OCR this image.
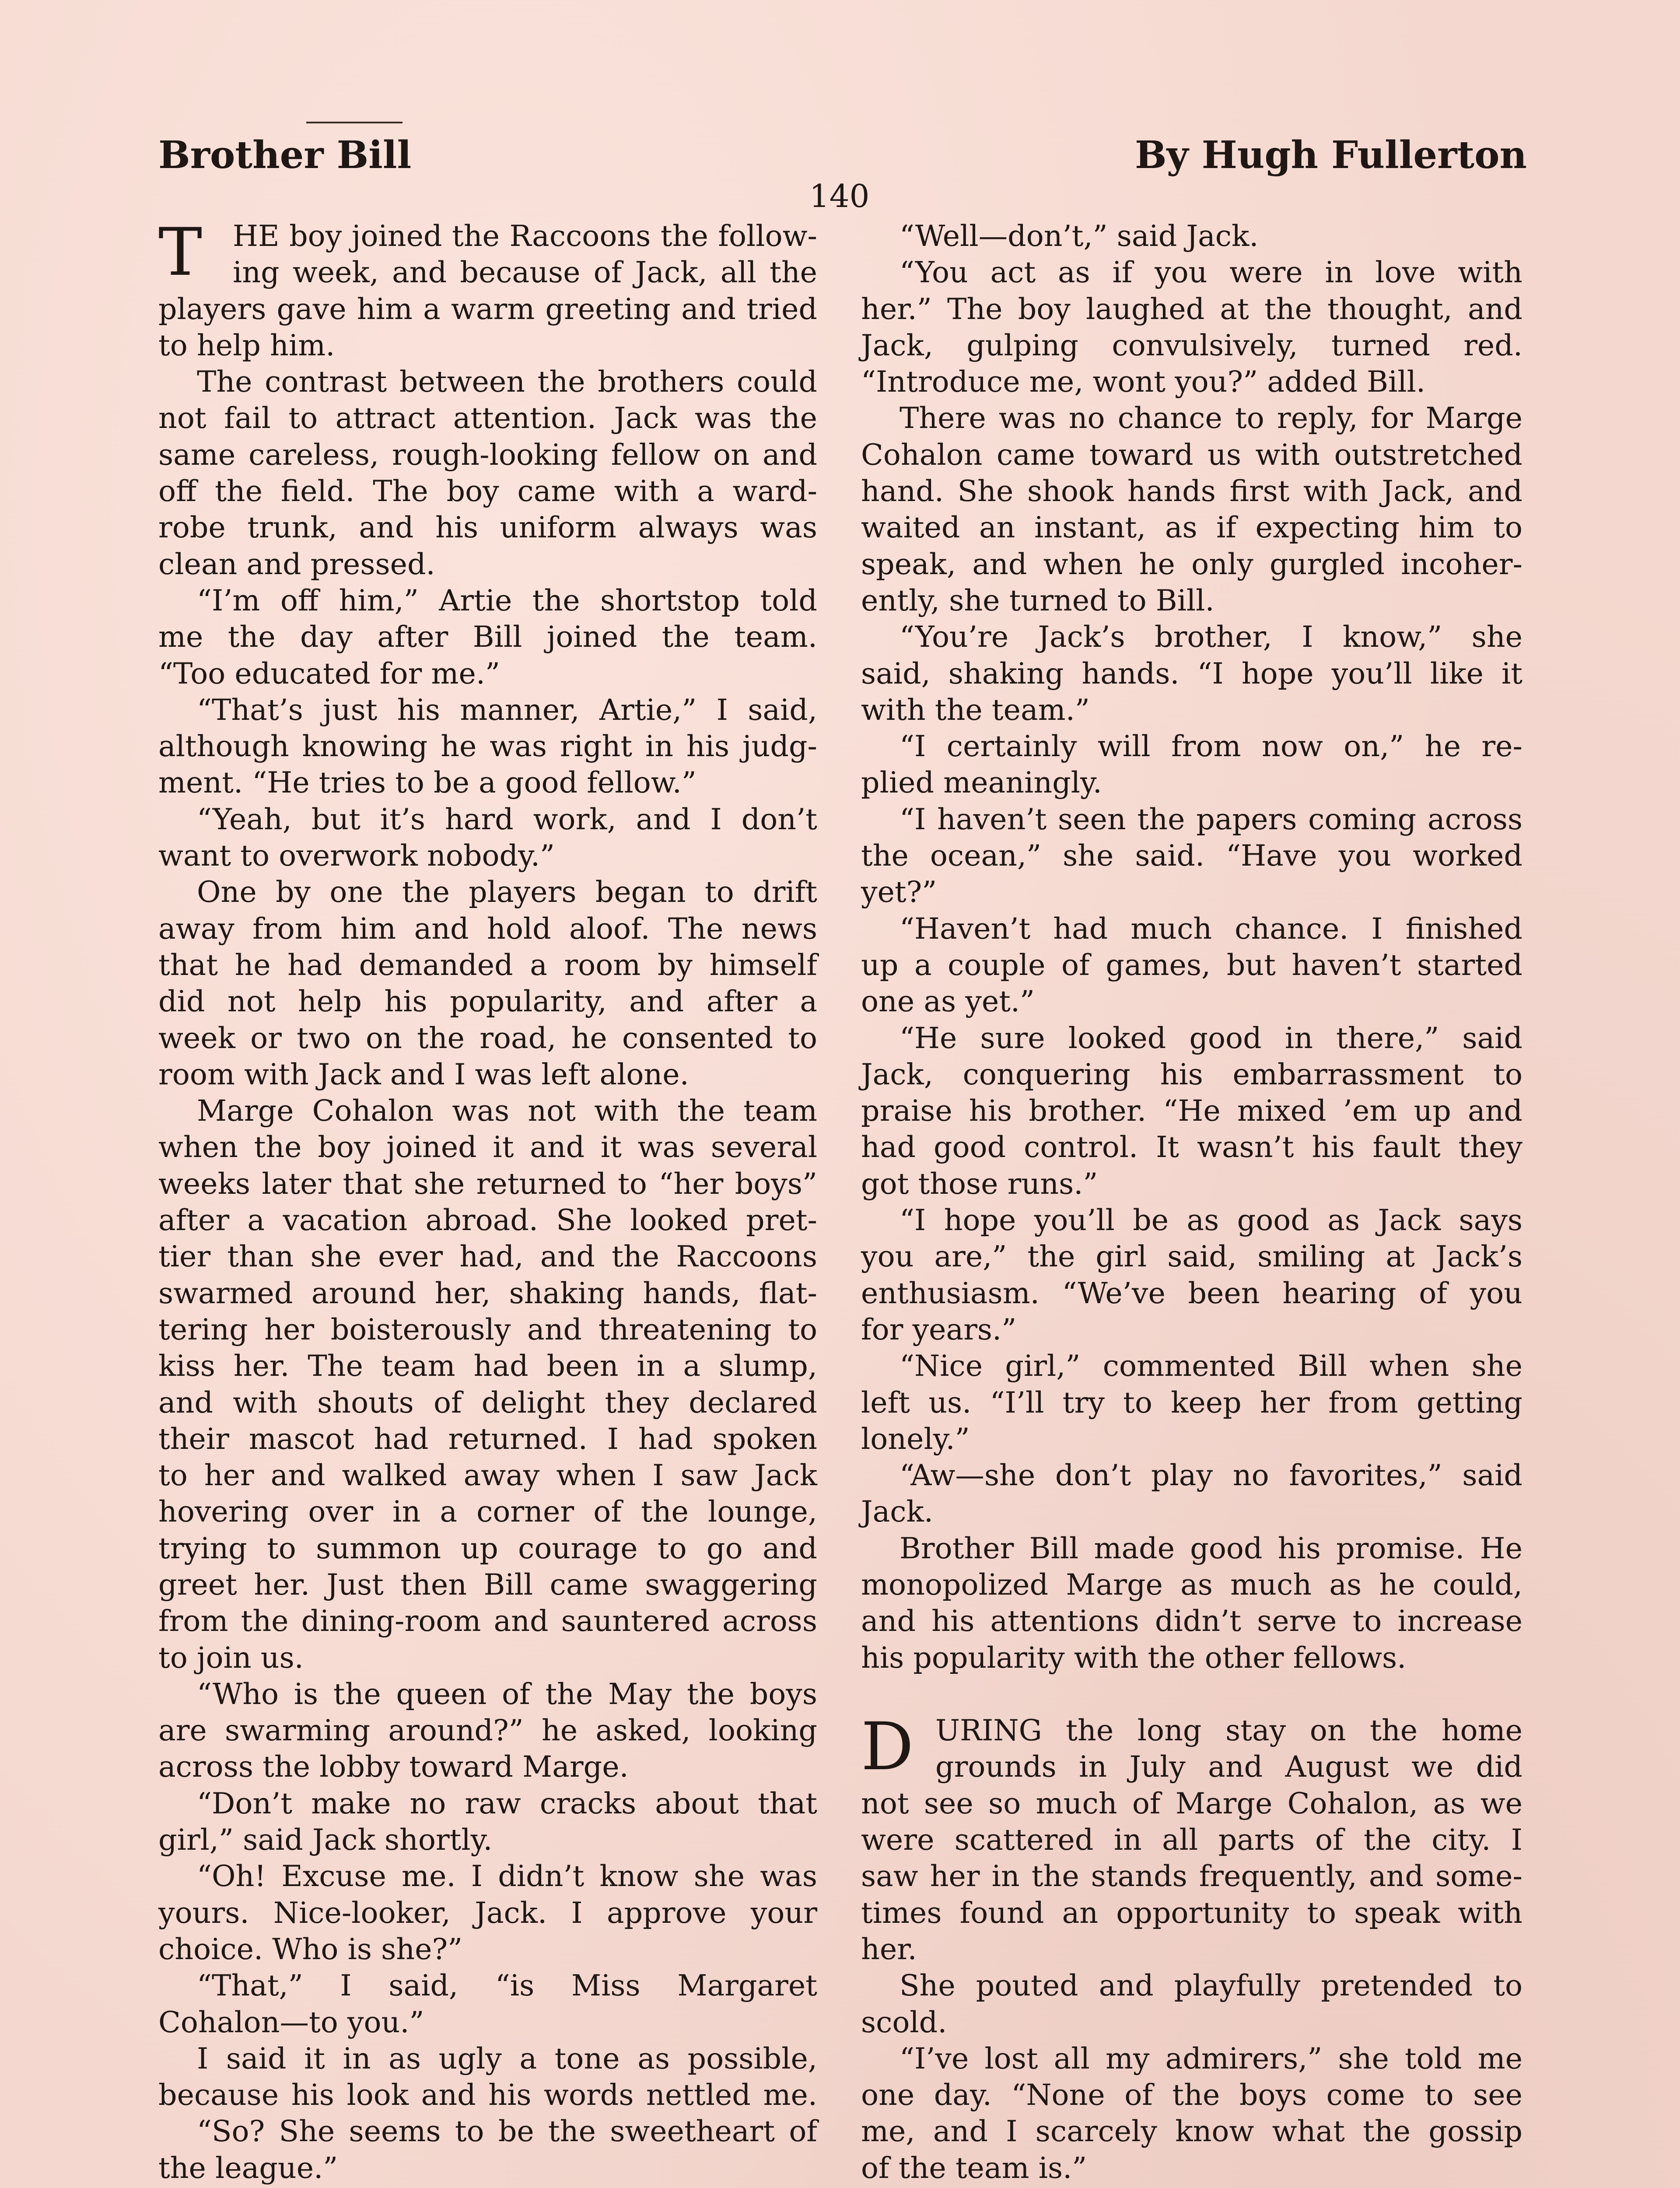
Brother Bill	By Hugh Fullerton
140
T HE boy joined the Raccoons the follow-
ing week, and because of Jack, all the
players gave him a warm greeting and tried
to help him.
The contrast between the brothers could
not fail to attract attention. Jack was the
same careless, rough-looking fellow on and
off the field. The boy came with a ward-
robe trunk, and his uniform always was
clean and pressed.
“I’m off him,” Artie the shortstop told
me the day after Bill joined the team.
“Too educated for me.”
“That’s just his manner, Artie,” I said,
although knowing he was right in his judg-
ment. “He tries to be a good fellow.”
“Yeah, but it’s hard work, and I don’t
want to overwork nobody.”
One by one the players began to drift
away from him and hold aloof. The news
that he had demanded a room by himself
did not help his popularity, and after a
week or two on the road, he consented to
room with Jack and I was left alone.
Marge Cohalon was not with the team
when the boy joined it and it was several
weeks later that she returned to “her boys”
after a vacation abroad. She looked pret-
tier than she ever had, and the Raccoons
swarmed around her, shaking hands, flat-
tering her boisterously and threatening to
kiss her. The team had been in a slump,
and with shouts of delight they declared
their mascot had returned. I had spoken
to her and walked away when I saw Jack
hovering over in a corner of the lounge,
trying to summon up courage to go and
greet her. Just then Bill came swaggering
from the dining-room and sauntered across
to join us.
“Who is the queen of the May the boys
are swarming around?” he asked, looking
across the lobby toward Marge.
“Don’t make no raw cracks about that
girl,” said Jack shortly.
“Oh! Excuse me. I didn’t know she was
yours. Nice-looker, Jack. I approve your
choice. Who is she?”
“That,” I said, “is Miss Margaret
Cohalon—to you.”
I said it in as ugly a tone as possible,
because his look and his words nettled me.
“So? She seems to be the sweetheart of
the league.”
“Well—don’t,” said Jack.
“You act as if you were in love with
her.” The boy laughed at the thought, and
Jack, gulping convulsively, turned red.
“Introduce me, wont you?” added Bill.
There was no chance to reply, for Marge
Cohalon came toward us with outstretched
hand. She shook hands first with Jack, and
waited an instant, as if expecting him to
speak, and when he only gurgled incoher-
ently, she turned to Bill.
“You’re Jack’s brother, I know,” she
said, shaking hands. “I hope you’ll like it
with the team.”
“I certainly will from now on,” he re-
plied meaningly.
“I haven’t seen the papers coming across
the ocean,” she said. “Have you worked
yet?”
“Haven’t had much chance. I finished
up a couple of games, but haven’t started
one as yet.”
“He sure looked good in there,” said
Jack, conquering his embarrassment to
praise his brother. “He mixed ’em up and
had good control. It wasn’t his fault they
got those runs.”
“I hope you’ll be as good as Jack says
you are,” the girl said, smiling at Jack’s
enthusiasm. “We’ve been hearing of you
for years.”
“Nice girl,” commented Bill when she
left us. “I’ll try to keep her from getting
lonely.”
“Aw—she don’t play no favorites,” said
Jack.
Brother Bill made good his promise. He
monopolized Marge as much as he could,
and his attentions didn’t serve to increase
his popularity with the other fellows.
D URING the long stay on the home
grounds in July and August we did
not see so much of Marge Cohalon, as we
were scattered in all parts of the city. I
saw her in the stands frequently, and some-
times found an opportunity to speak with
her.
She pouted and playfully pretended to
scold.
“I’ve lost all my admirers,” she told me
one day. “None of the boys come to see
me, and I scarcely know what the gossip
of the team is.”
